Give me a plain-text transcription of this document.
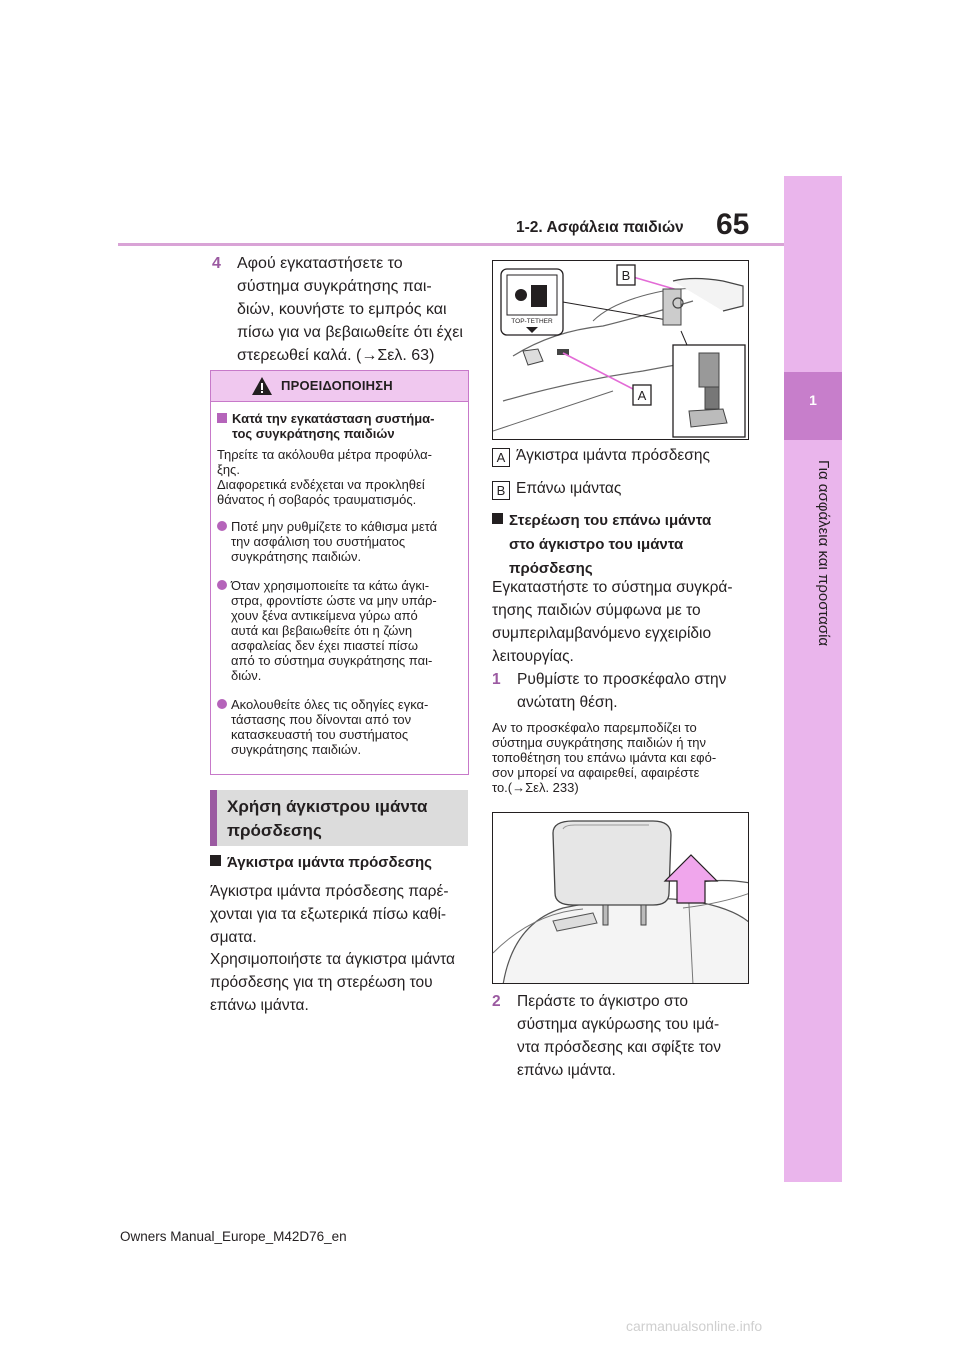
1-2. Ασφάλεια παιδιών 65
1
Για ασφάλεια και προστασία
4	Αφού εγκαταστήσετε το
σύστημα συγκράτησης παι-
διών, κουνήστε το εμπρός και
πίσω για να βεβαιωθείτε ότι έχει
στερεωθεί καλά. (→Σελ. 63)
ΠΡΟΕΙΔΟΠΟΙΗΣΗ
Κατά την εγκατάσταση συστήμα-
τος συγκράτησης παιδιών
Τηρείτε τα ακόλουθα μέτρα προφύλα-
ξης.
Διαφορετικά ενδέχεται να προκληθεί
θάνατος ή σοβαρός τραυματισμός.
Ποτέ μην ρυθμίζετε το κάθισμα μετά
την ασφάλιση του συστήματος
συγκράτησης παιδιών.
Όταν χρησιμοποιείτε τα κάτω άγκι-
στρα, φροντίστε ώστε να μην υπάρ-
χουν ξένα αντικείμενα γύρω από
αυτά και βεβαιωθείτε ότι η ζώνη
ασφαλείας δεν έχει πιαστεί πίσω
από το σύστημα συγκράτησης παι-
διών.
Ακολουθείτε όλες τις οδηγίες εγκα-
τάστασης που δίνονται από τον
κατασκευαστή του συστήματος
συγκράτησης παιδιών.
Χρήση άγκιστρου ιμάντα
πρόσδεσης
Άγκιστρα ιμάντα πρόσδεσης
Άγκιστρα ιμάντα πρόσδεσης παρέ-
χονται για τα εξωτερικά πίσω καθί-
σματα.
Χρησιμοποιήστε τα άγκιστρα ιμάντα
πρόσδεσης για τη στερέωση του
επάνω ιμάντα.
TOP-TETHER
B
A
A Άγκιστρα ιμάντα πρόσδεσης
B Επάνω ιμάντας
Στερέωση του επάνω ιμάντα
στο άγκιστρο του ιμάντα
πρόσδεσης
Εγκαταστήστε το σύστημα συγκρά-
τησης παιδιών σύμφωνα με το
συμπεριλαμβανόμενο εγχειρίδιο
λειτουργίας.
1	Ρυθμίστε το προσκέφαλο στην
ανώτατη θέση.
Αν το προσκέφαλο παρεμποδίζει το
σύστημα συγκράτησης παιδιών ή την
τοποθέτηση του επάνω ιμάντα και εφό-
σον μπορεί να αφαιρεθεί, αφαιρέστε
το.(→Σελ. 233)
2	Περάστε το άγκιστρο στο
σύστημα αγκύρωσης του ιμά-
ντα πρόσδεσης και σφίξτε τον
επάνω ιμάντα.
Owners Manual_Europe_M42D76_en
carmanualsonline.info
